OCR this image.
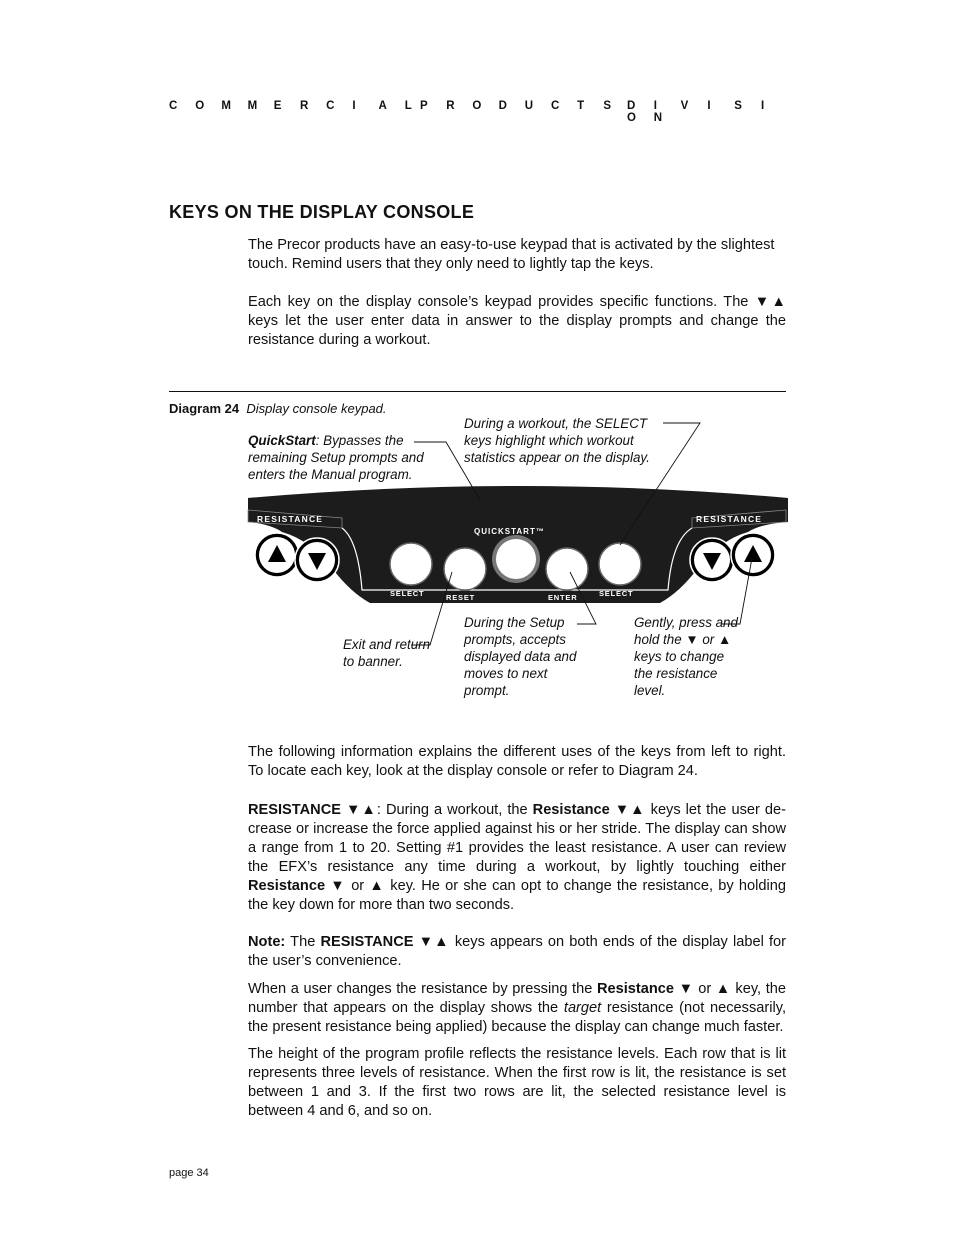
C O M M E R C I A L P R O D U C T S	D I V I S IO N
KEYS ON THE DISPLAY CONSOLE
The Precor products have an easy-to-use keypad that is activated by the slightest touch. Remind users that they only need to lightly tap the keys.
Each key on the display console’s keypad provides specific functions. The ▼▲ keys let the user enter data in answer to the display prompts and change the resistance during a workout.
Diagram 24 Display console keypad.
QuickStart: Bypasses the remaining Setup prompts and enters the Manual program.
During a workout, the SELECT keys highlight which workout statistics appear on the display.
Exit and return to banner.
During the Setup prompts, accepts displayed data and moves to next prompt.
Gently, press and hold the ▼ or ▲ keys to change the resistance level.
RESISTANCE	RESISTANCE
QUICKSTART™
SELECT	RESET	ENTER	SELECT
The following information explains the different uses of the keys from left to right. To locate each key, look at the display console or refer to Diagram 24.
RESISTANCE ▼▲: During a workout, the Resistance ▼▲ keys let the user decrease or increase the force applied against his or her stride. The display can show a range from 1 to 20. Setting #1 provides the least resistance. A user can review the EFX’s resistance any time during a workout, by lightly touching either Resistance ▼ or ▲ key. He or she can opt to change the resistance, by holding the key down for more than two seconds.
Note: The RESISTANCE ▼▲ keys appears on both ends of the display label for the user’s convenience.
When a user changes the resistance by pressing the Resistance ▼ or ▲ key, the number that appears on the display shows the target resistance (not necessarily, the present resistance being applied) because the display can change much faster.
The height of the program profile reflects the resistance levels. Each row that is lit represents three levels of resistance. When the first row is lit, the resistance is set between 1 and 3. If the first two rows are lit, the selected resistance level is between 4 and 6, and so on.
page 34
